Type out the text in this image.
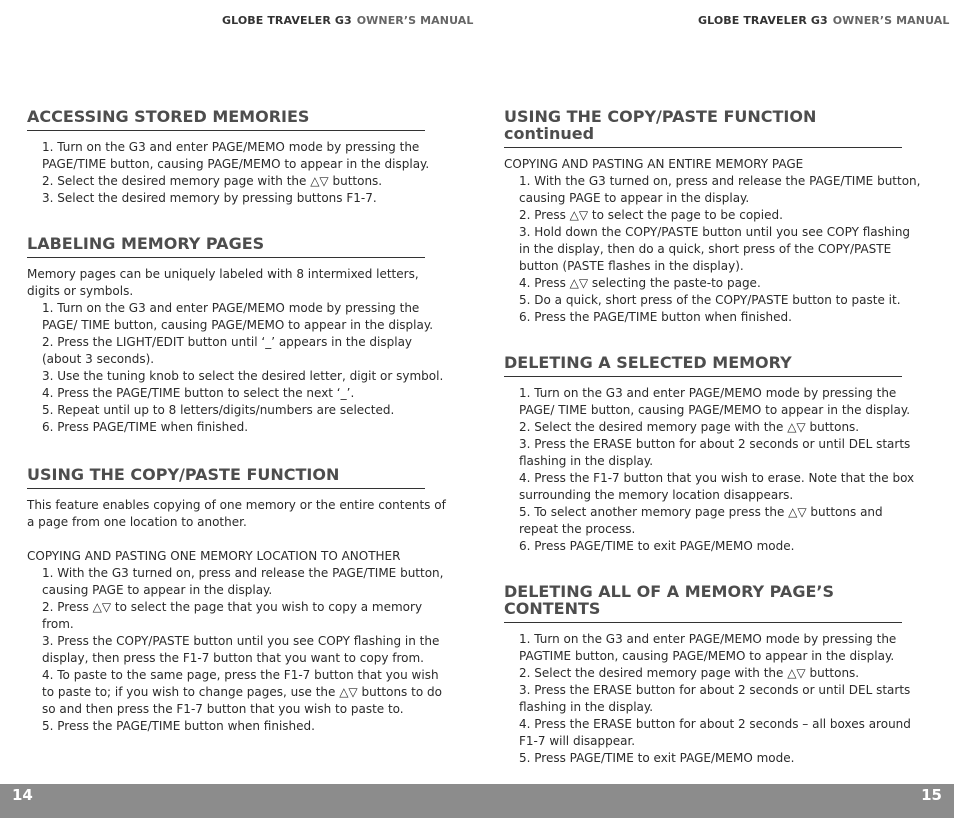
GLOBE TRAVELER G3 OWNER’S MANUAL	GLOBE TRAVELER G3 OWNER’S MANUAL
ACCESSING STORED MEMORIES
1. Turn on the G3 and enter PAGE/MEMO mode by pressing the PAGE/TIME button, causing PAGE/MEMO to appear in the display.
2. Select the desired memory page with the △▽ buttons.
3. Select the desired memory by pressing buttons F1-7.
LABELING MEMORY PAGES

Memory pages can be uniquely labeled with 8 intermixed letters, digits or symbols.

1. Turn on the G3 and enter PAGE/MEMO mode by pressing the PAGE/ TIME button, causing PAGE/MEMO to appear in the display.
2. Press the LIGHT/EDIT button until ‘_’ appears in the display (about 3 seconds).
3. Use the tuning knob to select the desired letter, digit or symbol.
4. Press the PAGE/TIME button to select the next ‘_’.
5. Repeat until up to 8 letters/digits/numbers are selected.
6. Press PAGE/TIME when finished.
USING THE COPY/PASTE FUNCTION

This feature enables copying of one memory or the entire contents of a page from one location to another.

COPYING AND PASTING ONE MEMORY LOCATION TO ANOTHER

1. With the G3 turned on, press and release the PAGE/TIME button, causing PAGE to appear in the display.
2. Press △▽ to select the page that you wish to copy a memory from.
3. Press the COPY/PASTE button until you see COPY flashing in the display, then press the F1-7 button that you want to copy from.
4. To paste to the same page, press the F1-7 button that you wish to paste to; if you wish to change pages, use the △▽ buttons to do so and then press the F1-7 button that you wish to paste to.
5. Press the PAGE/TIME button when finished.
USING THE COPY/PASTE FUNCTION continued

COPYING AND PASTING AN ENTIRE MEMORY PAGE

1. With the G3 turned on, press and release the PAGE/TIME button, causing PAGE to appear in the display.
2. Press △▽ to select the page to be copied.
3. Hold down the COPY/PASTE button until you see COPY flashing in the display, then do a quick, short press of the COPY/PASTE button (PASTE flashes in the display).
4. Press △▽ selecting the paste-to page.
5. Do a quick, short press of the COPY/PASTE button to paste it.
6. Press the PAGE/TIME button when finished.
DELETING A SELECTED MEMORY
1. Turn on the G3 and enter PAGE/MEMO mode by pressing the PAGE/ TIME button, causing PAGE/MEMO to appear in the display.
2. Select the desired memory page with the △▽ buttons.
3. Press the ERASE button for about 2 seconds or until DEL starts flashing in the display.
4. Press the F1-7 button that you wish to erase. Note that the box surrounding the memory location disappears.
5. To select another memory page press the △▽ buttons and repeat the process.
6. Press PAGE/TIME to exit PAGE/MEMO mode.
DELETING ALL OF A MEMORY PAGE’S CONTENTS
1. Turn on the G3 and enter PAGE/MEMO mode by pressing the PAGTIME button, causing PAGE/MEMO to appear in the display.
2. Select the desired memory page with the △▽ buttons.
3. Press the ERASE button for about 2 seconds or until DEL starts flashing in the display.
4. Press the ERASE button for about 2 seconds – all boxes around F1-7 will disappear.
5. Press PAGE/TIME to exit PAGE/MEMO mode.
14	15
